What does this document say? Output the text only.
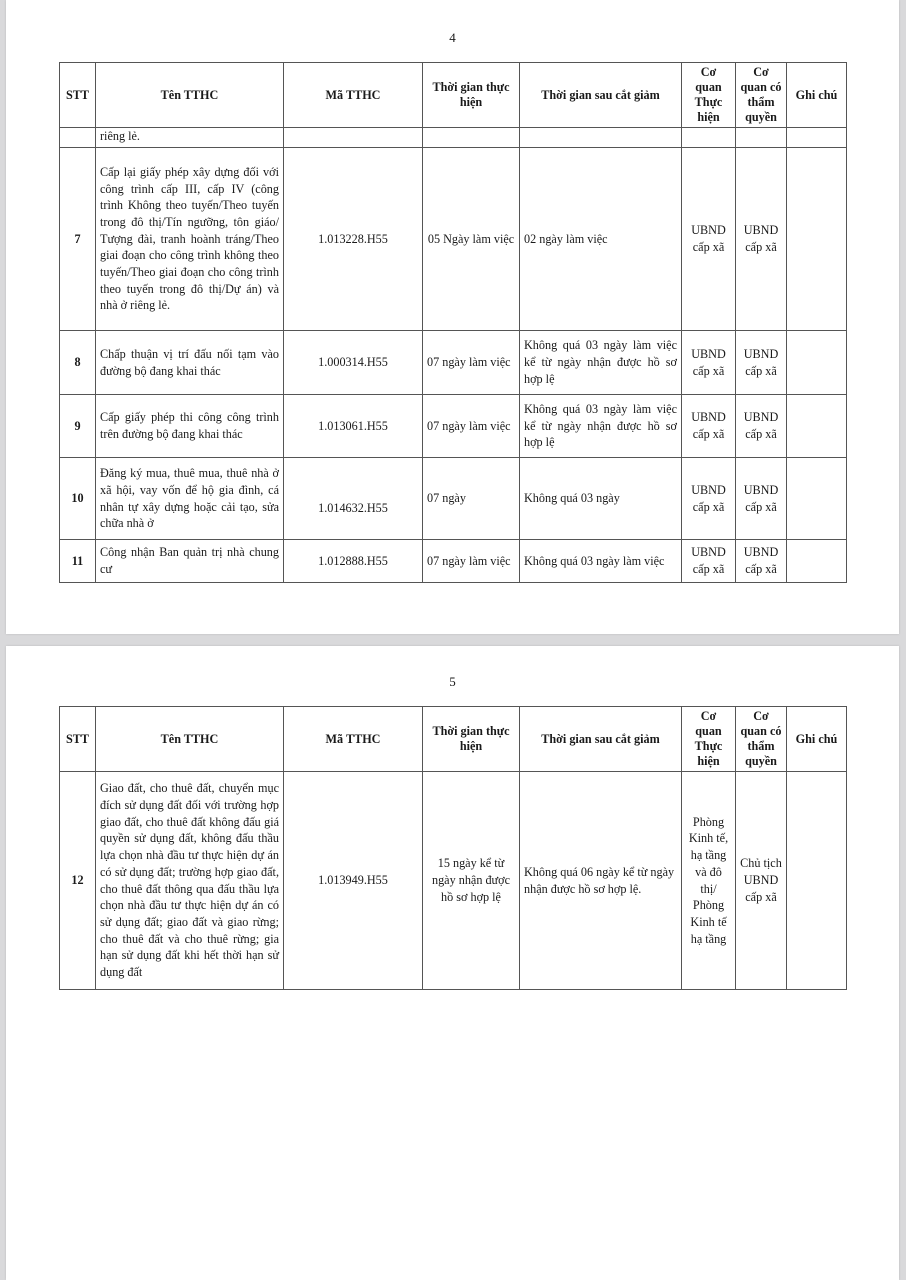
4
STT	Tên TTHC	Mã TTHC	Thời gian thực hiện	Thời gian sau cắt giảm	Cơ quan Thực hiện	Cơ quan có thẩm quyền	Ghi chú
	riêng lẻ.						
7	Cấp lại giấy phép xây dựng đối với công trình cấp III, cấp IV (công trình Không theo tuyến/Theo tuyến trong đô thị/Tín ngưỡng, tôn giáo/ Tượng đài, tranh hoành tráng/Theo giai đoạn cho công trình không theo tuyến/Theo giai đoạn cho công trình theo tuyến trong đô thị/Dự án) và nhà ở riêng lẻ.	1.013228.H55	05 Ngày làm việc	02 ngày làm việc	UBND cấp xã	UBND cấp xã	
8	Chấp thuận vị trí đấu nối tạm vào đường bộ đang khai thác	1.000314.H55	07 ngày làm việc	Không quá 03 ngày làm việc kể từ ngày nhận được hồ sơ hợp lệ	UBND cấp xã	UBND cấp xã	
9	Cấp giấy phép thi công công trình trên đường bộ đang khai thác	1.013061.H55	07 ngày làm việc	Không quá 03 ngày làm việc kể từ ngày nhận được hồ sơ hợp lệ	UBND cấp xã	UBND cấp xã	
10	Đăng ký mua, thuê mua, thuê nhà ở xã hội, vay vốn để hộ gia đình, cá nhân tự xây dựng hoặc cải tạo, sửa chữa nhà ở	1.014632.H55	07 ngày	Không quá 03 ngày	UBND cấp xã	UBND cấp xã	
11	Công nhận Ban quản trị nhà chung cư	1.012888.H55	07 ngày làm việc	Không quá 03 ngày làm việc	UBND cấp xã	UBND cấp xã	
5
STT	Tên TTHC	Mã TTHC	Thời gian thực hiện	Thời gian sau cắt giảm	Cơ quan Thực hiện	Cơ quan có thẩm quyền	Ghi chú
12	Giao đất, cho thuê đất, chuyển mục đích sử dụng đất đối với trường hợp giao đất, cho thuê đất không đấu giá quyền sử dụng đất, không đấu thầu lựa chọn nhà đầu tư thực hiện dự án có sử dụng đất; trường hợp giao đất, cho thuê đất thông qua đấu thầu lựa chọn nhà đầu tư thực hiện dự án có sử dụng đất; giao đất và giao rừng; cho thuê đất và cho thuê rừng; gia hạn sử dụng đất khi hết thời hạn sử dụng đất	1.013949.H55	15 ngày kể từ ngày nhận được hồ sơ hợp lệ	Không quá 06 ngày kể từ ngày nhận được hồ sơ hợp lệ.	Phòng Kinh tế, hạ tầng và đô thị/ Phòng Kinh tế hạ tầng	Chủ tịch UBND cấp xã	
